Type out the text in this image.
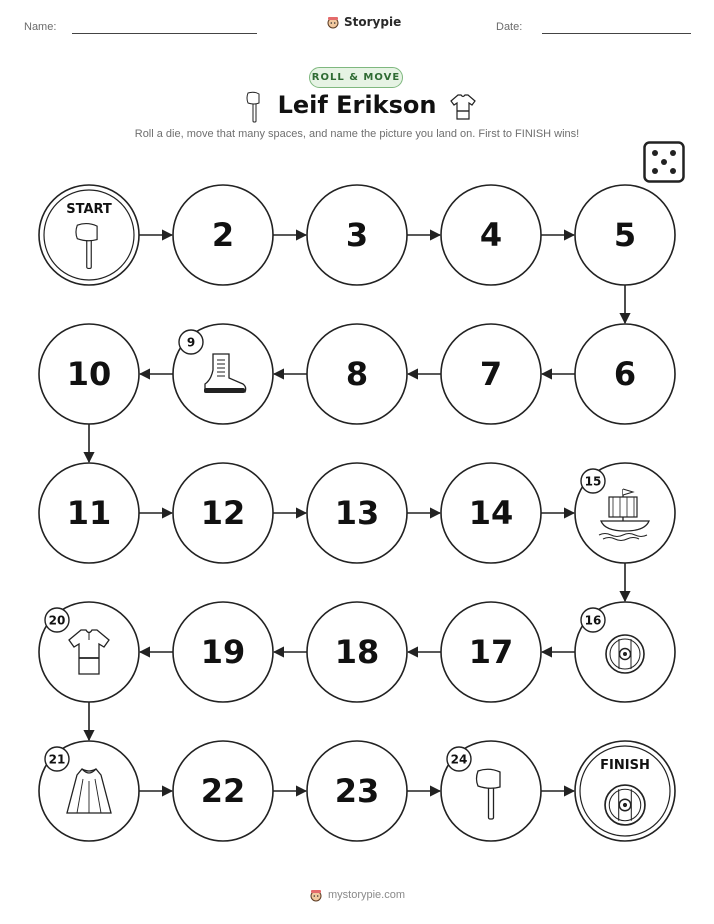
Name:	Storypie	Date:
ROLL & MOVE
Leif Erikson
Roll a die, move that many spaces, and name the picture you land on. First to FINISH wins!
START
2	3	4	5
6
7
8
9
10
11	12	13	14
15
16
17
18
19
20
21
22	23
24	FINISH
mystorypie.com
